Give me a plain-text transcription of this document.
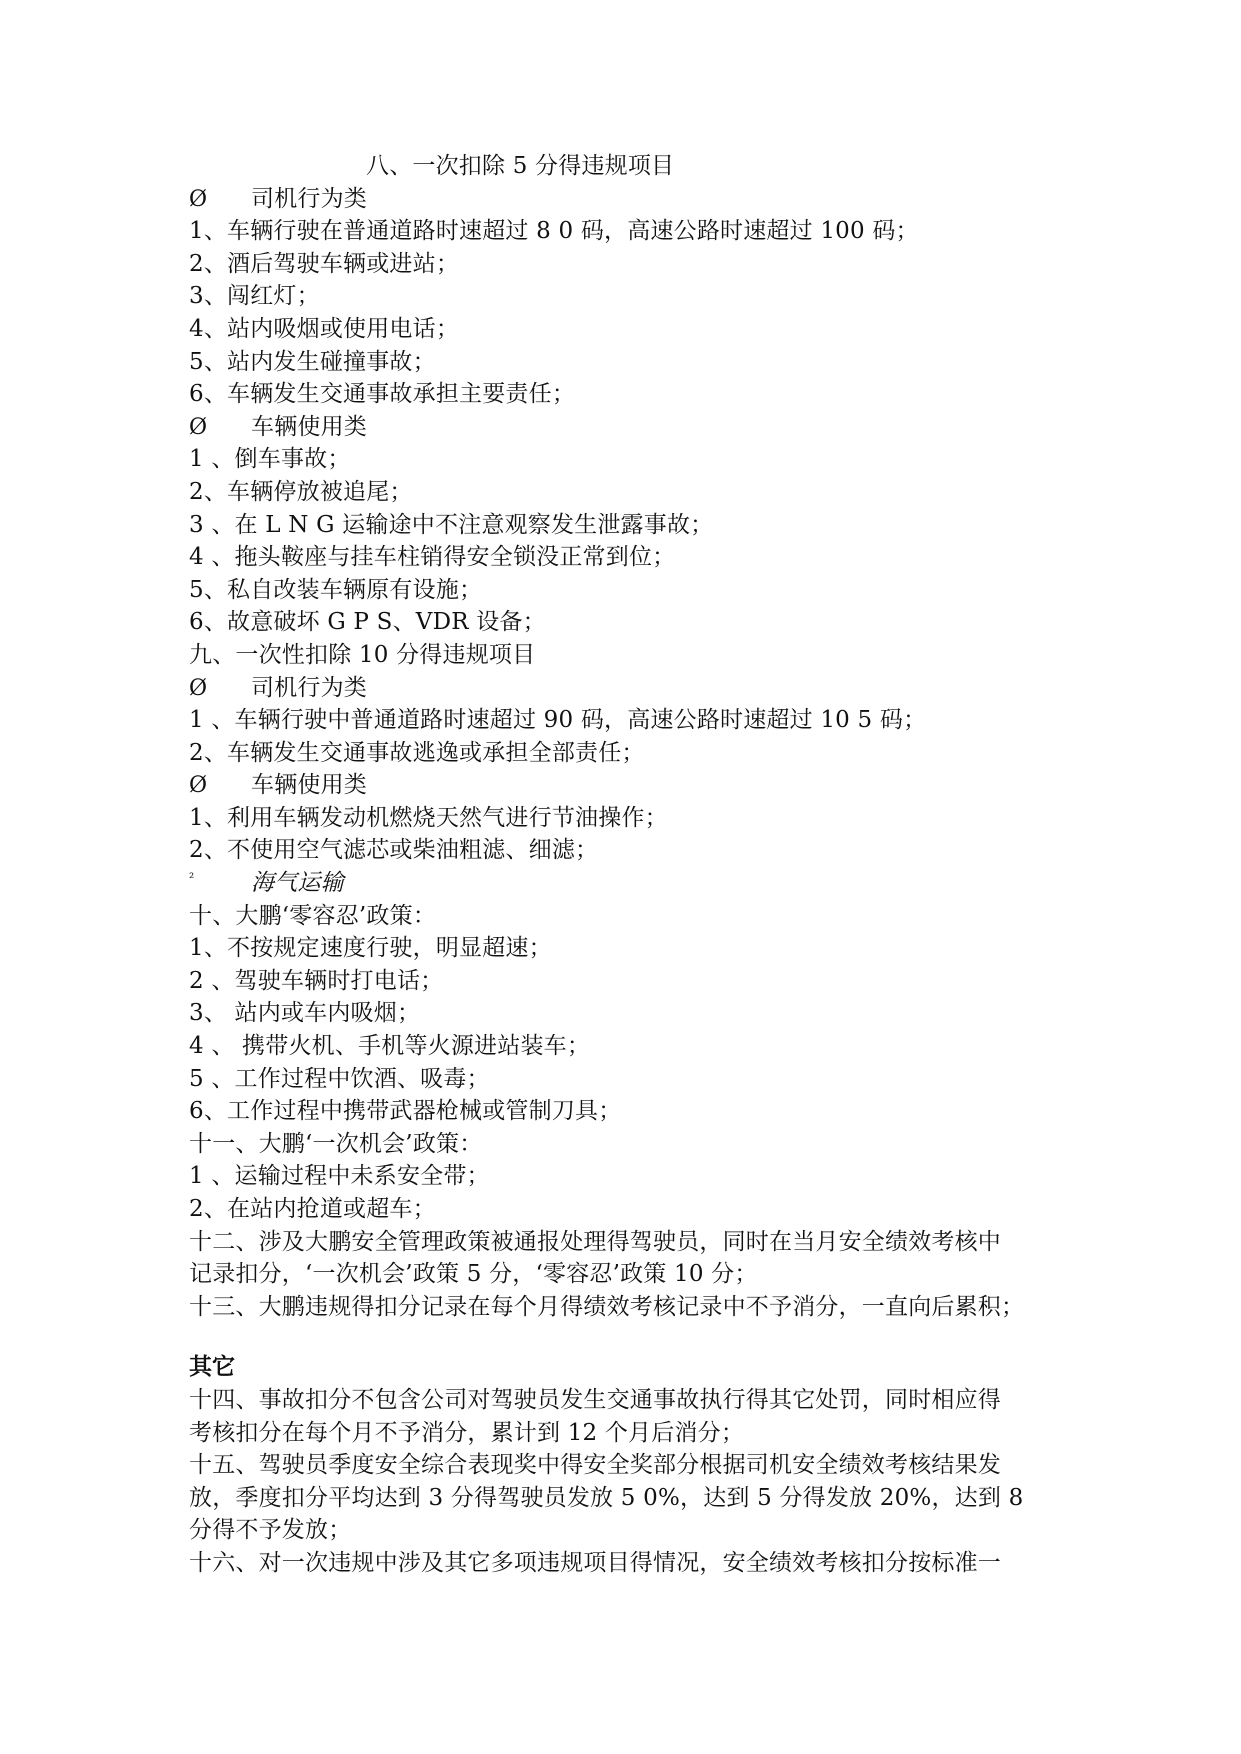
八、一次扣除 5 分得违规项目
Ø	司机行为类
1、车辆行驶在普通道路时速超过 8 0 码，高速公路时速超过 100 码；
2、酒后驾驶车辆或进站；
3、闯红灯；
4、站内吸烟或使用电话；
5、站内发生碰撞事故；
6、车辆发生交通事故承担主要责任；
Ø	车辆使用类
1 、倒车事故；
2、车辆停放被追尾；
3 、在 L N G 运输途中不注意观察发生泄露事故；
4 、拖头鞍座与挂车柱销得安全锁没正常到位；
5、私自改装车辆原有设施；
6、故意破坏 G P S、VDR 设备；
九、一次性扣除 10 分得违规项目
Ø	司机行为类
1 、车辆行驶中普通道路时速超过 90 码，高速公路时速超过 10 5 码；
2、车辆发生交通事故逃逸或承担全部责任；
Ø	车辆使用类
1、利用车辆发动机燃烧天然气进行节油操作；
2、不使用空气滤芯或柴油粗滤、细滤；
²	海气运输
十、大鹏‘零容忍’政策：
1、不按规定速度行驶，明显超速；
2 、驾驶车辆时打电话；
3、 站内或车内吸烟；
4 、 携带火机、手机等火源进站装车；
5 、工作过程中饮酒、吸毒；
6、工作过程中携带武器枪械或管制刀具；
十一、大鹏‘一次机会’政策：
1 、运输过程中未系安全带；
2、在站内抢道或超车；
十二、涉及大鹏安全管理政策被通报处理得驾驶员，同时在当月安全绩效考核中
记录扣分，‘一次机会’政策 5 分，‘零容忍’政策 10 分；
十三、大鹏违规得扣分记录在每个月得绩效考核记录中不予消分，一直向后累积；
其它
十四、事故扣分不包含公司对驾驶员发生交通事故执行得其它处罚，同时相应得
考核扣分在每个月不予消分，累计到 12 个月后消分；
十五、驾驶员季度安全综合表现奖中得安全奖部分根据司机安全绩效考核结果发
放，季度扣分平均达到 3 分得驾驶员发放 5 0%，达到 5 分得发放 20%，达到 8
分得不予发放；
十六、对一次违规中涉及其它多项违规项目得情况，安全绩效考核扣分按标准一
